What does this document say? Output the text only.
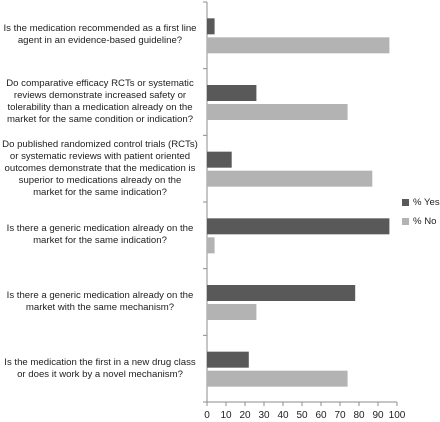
0 10 20 30 40 50 60 70 80 90 100
Is the medication recommended as a first line
agent in an evidence-based guideline?
Do comparative efficacy RCTs or systematic
reviews demonstrate increased safety or
tolerability than a medication already on the
market for the same condition or indication?
Do published randomized control trials (RCTs)
or systematic reviews with patient oriented
outcomes demonstrate that the medication is
superior to medications already on the
market for the same indication?
Is there a generic medication already on the
market for the same indication?
Is there a generic medication already on the
market with the same mechanism?
Is the medication the first in a new drug class
or does it work by a novel mechanism?
% Yes
% No
